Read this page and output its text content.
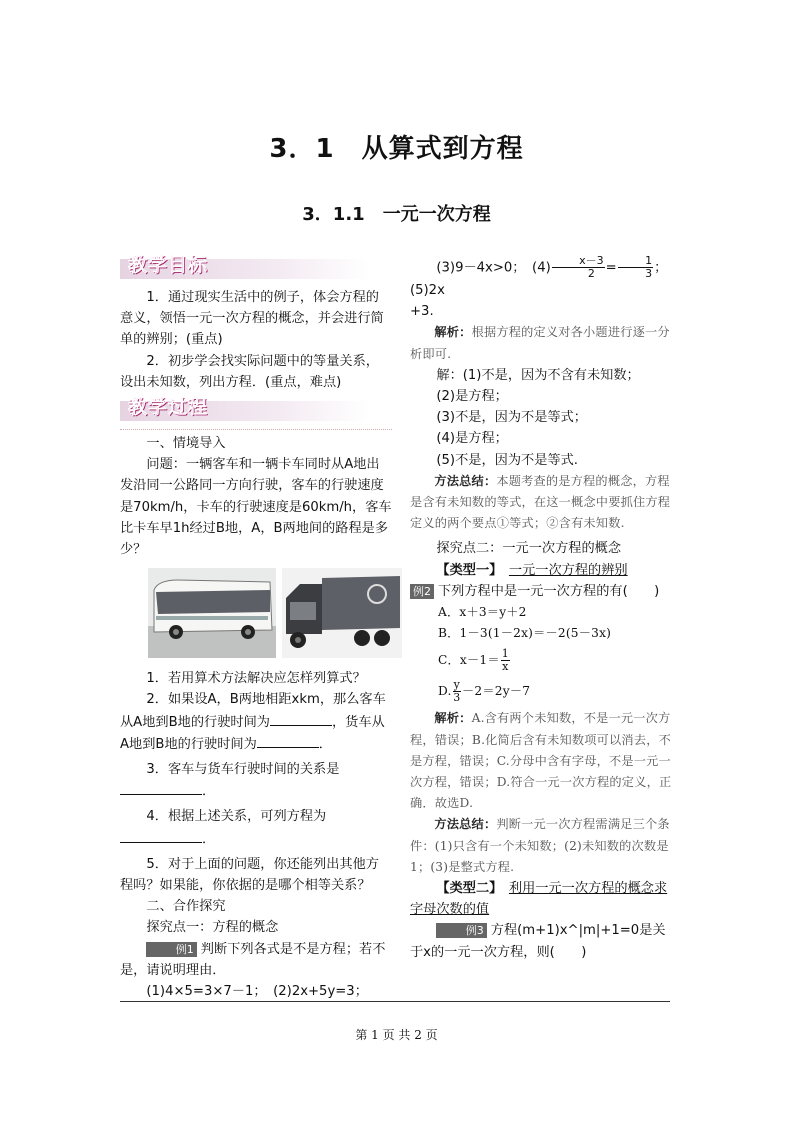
3．1　从算式到方程
3．1.1　一元一次方程
教学目标

1．通过现实生活中的例子，体会方程的意义，领悟一元一次方程的概念，并会进行简单的辨别；(重点)

2．初步学会找实际问题中的等量关系，设出未知数，列出方程．(重点，难点)

教学过程

一、情境导入

问题：一辆客车和一辆卡车同时从A地出发沿同一公路同一方向行驶，客车的行驶速度是70km/h，卡车的行驶速度是60km/h，客车比卡车早1h经过B地，A，B两地间的路程是多少？

1．若用算术方法解决应怎样列算式？

2．如果设A，B两地相距xkm，那么客车从A地到B地的行驶时间为	，货车从A地到B地的行驶时间为	．

3．客车与货车行驶时间的关系是

．

4．根据上述关系，可列方程为

．

5．对于上面的问题，你还能列出其他方程吗？如果能，你依据的是哪个相等关系？

二、合作探究

探究点一：方程的概念

例1 判断下列各式是不是方程；若不是，请说明理由．

(1)4×5=3×7－1；　(2)2x+5y=3；

(3)9－4x>0；　$(4) \frac{x-3}{2} = \frac{1}{3}$ ；　(5)2x

+3.

解析：根据方程的定义对各小题进行逐一分析即可.

解：(1)不是，因为不含有未知数；

(2)是方程；

(3)不是，因为不是等式；

(4)是方程；

(5)不是，因为不是等式.

方法总结：本题考查的是方程的概念，方程是含有未知数的等式，在这一概念中要抓住方程定义的两个要点①等式；②含有未知数.

探究点二：一元一次方程的概念

【类型一】　 一元一次方程的辨别

例2 下列方程中是一元一次方程的有(　　)

A．x＋3＝y＋2

B．1－3(1－2x)＝－2(5－3x)

C．$x-1= \frac{1}{x}$

D. $\frac{y}{3} -2=2y-7$

解析：A.含有两个未知数，不是一元一次方程，错误；B.化简后含有未知数项可以消去，不是方程，错误；C.分母中含有字母，不是一元一次方程，错误；D.符合一元一次方程的定义，正确．故选D.

方法总结：判断一元一次方程需满足三个条件：(1)只含有一个未知数；(2)未知数的次数是1；(3)是整式方程.

【类型二】　 利用一元一次方程的概念求字母次数的值

例3 方程(m+1)x^|m|+1=0是关于x的一元一次方程，则(　　)

第 1 页 共 2 页
